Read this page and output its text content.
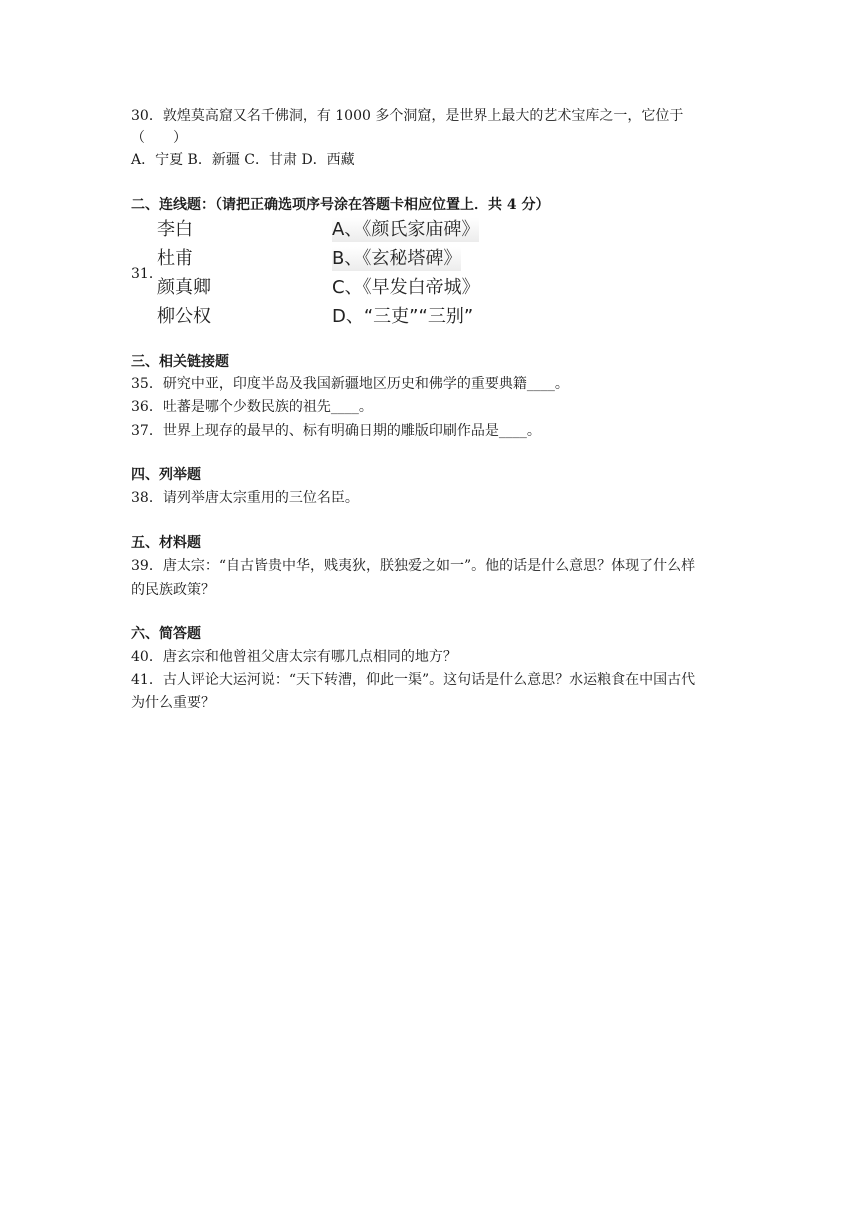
30．敦煌莫高窟又名千佛洞，有 1000 多个洞窟，是世界上最大的艺术宝库之一，它位于
（　　）
A．宁夏 B．新疆 C．甘肃 D．西藏
二、连线题：（请把正确选项序号涂在答题卡相应位置上．共 4 分）
31．
李白
杜甫
颜真卿
柳公权
A、《颜氏家庙碑》
B、《玄秘塔碑》
C、《早发白帝城》
D、“三吏”“三别”
三、相关链接题
35．研究中亚，印度半岛及我国新疆地区历史和佛学的重要典籍____。
36．吐蕃是哪个少数民族的祖先____。
37．世界上现存的最早的、标有明确日期的雕版印刷作品是____。
四、列举题
38．请列举唐太宗重用的三位名臣。
五、材料题
39．唐太宗：“自古皆贵中华，贱夷狄，朕独爱之如一”。他的话是什么意思？体现了什么样
的民族政策？
六、简答题
40．唐玄宗和他曾祖父唐太宗有哪几点相同的地方？
41．古人评论大运河说：“天下转漕，仰此一渠”。这句话是什么意思？水运粮食在中国古代
为什么重要？
